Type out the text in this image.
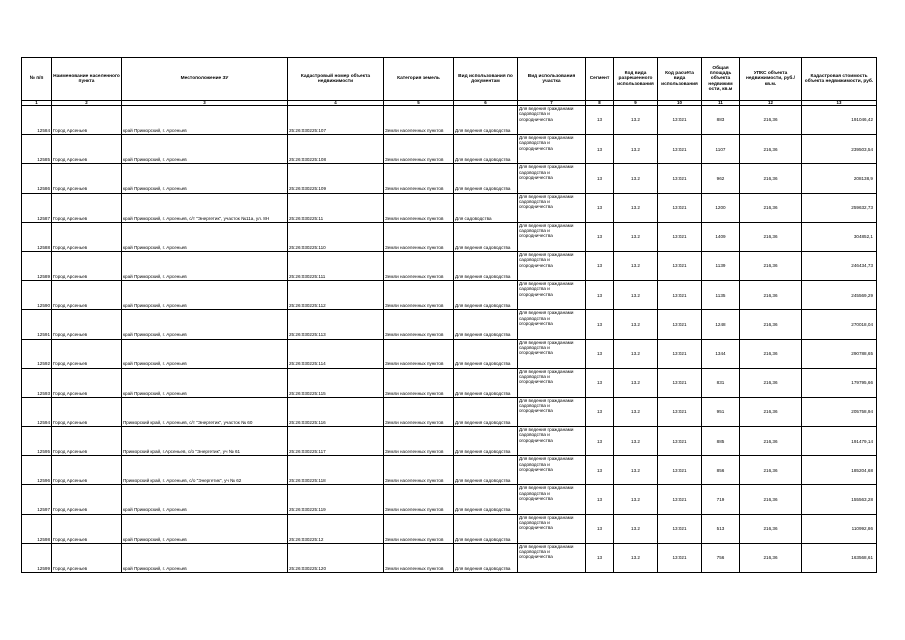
№ п/п	Наименование населенного пункта	Местоположение ЗУ	Кадастровый номер объекта недвижимости	Категория земель	Вид использования по документам	Вид использования участка	Сегмент	Код вида разрешенного использования	Код расчёта вида использования	Общая площадь объекта недвижим ости, кв.м	УПКС объекта недвижимости, руб./кв.м.	Кадастровая стоимость объекта недвижимости, руб.
1	2	3	4	5	6	7	8	9	10	11	12	13
12584	Город Арсеньев	край Приморский, г. Арсеньев	25:26:030225:107	Земли населенных пунктов	Для ведения садоводства	Для ведения гражданами садоводства и огородничества	13	13.2	13:021	883	216,36	191046,42
12585	Город Арсеньев	край Приморский, г. Арсеньев	25:26:030225:108	Земли населенных пунктов	Для ведения садоводства	Для ведения гражданами садоводства и огородничества	13	13.2	13:021	1107	216,36	239503,54
12586	Город Арсеньев	край Приморский, г. Арсеньев	25:26:030225:109	Земли населенных пунктов	Для ведения садоводства	Для ведения гражданами садоводства и огородничества	13	13.2	13:021	962	216,36	208138,9
12587	Город Арсеньев	край Приморский, г. Арсеньев, с/т "Энергетик", участок №11а, ул. 8Н	25:26:030225:11	Земли населенных пунктов	Для садоводства	Для ведения гражданами садоводства и огородничества	13	13.2	13:021	1200	216,36	259632,73
12588	Город Арсеньев	край Приморский, г. Арсеньев	25:26:030225:110	Земли населенных пунктов	Для ведения садоводства	Для ведения гражданами садоводства и огородничества	13	13.2	13:021	1409	216,36	304852,1
12589	Город Арсеньев	край Приморский, г. Арсеньев	25:26:030225:111	Земли населенных пунктов	Для ведения садоводства	Для ведения гражданами садоводства и огородничества	13	13.2	13:021	1139	216,36	246434,73
12590	Город Арсеньев	край Приморский, г. Арсеньев	25:26:030225:112	Земли населенных пунктов	Для ведения садоводства	Для ведения гражданами садоводства и огородничества	13	13.2	13:021	1135	216,36	245569,29
12591	Город Арсеньев	край Приморский, г. Арсеньев	25:26:030225:113	Земли населенных пунктов	Для ведения садоводства	Для ведения гражданами садоводства и огородничества	13	13.2	13:021	1248	216,36	270018,04
12592	Город Арсеньев	край Приморский, г. Арсеньев	25:26:030225:114	Земли населенных пунктов	Для ведения садоводства	Для ведения гражданами садоводства и огородничества	13	13.2	13:021	1344	216,36	290788,65
12593	Город Арсеньев	край Приморский, г. Арсеньев	25:26:030225:115	Земли населенных пунктов	Для ведения садоводства	Для ведения гражданами садоводства и огородничества	13	13.2	13:021	831	216,36	179795,66
12594	Город Арсеньев	Приморский край, г. Арсеньев, с/т "Энергетик", участок № 60	25:26:030225:116	Земли населенных пунктов	Для ведения садоводства	Для ведения гражданами садоводства и огородничества	13	13.2	13:021	951	216,36	205758,94
12595	Город Арсеньев	Приморский край, г.Арсеньев, с/о "Энергетик", уч № 61	25:26:030225:117	Земли населенных пунктов	Для ведения садоводства	Для ведения гражданами садоводства и огородничества	13	13.2	13:021	885	216,36	191479,14
12596	Город Арсеньев	Приморский край, г. Арсеньев, с/о "Энергетик", уч № 62	25:26:030225:118	Земли населенных пунктов	Для ведения садоводства	Для ведения гражданами садоводства и огородничества	13	13.2	13:021	856	216,36	185204,68
12597	Город Арсеньев	край Приморский, г. Арсеньев	25:26:030225:119	Земли населенных пунктов	Для ведения садоводства	Для ведения гражданами садоводства и огородничества	13	13.2	13:021	719	216,36	155563,28
12598	Город Арсеньев	край Приморский, г. Арсеньев	25:26:030225:12	Земли населенных пунктов	Для ведения садоводства	Для ведения гражданами садоводства и огородничества	13	13.2	13:021	513	216,36	110992,86
12599	Город Арсеньев	край Приморский, г. Арсеньев	25:26:030225:120	Земли населенных пунктов	Для ведения садоводства	Для ведения гражданами садоводства и огородничества	13	13.2	13:021	756	216,36	163568,61
